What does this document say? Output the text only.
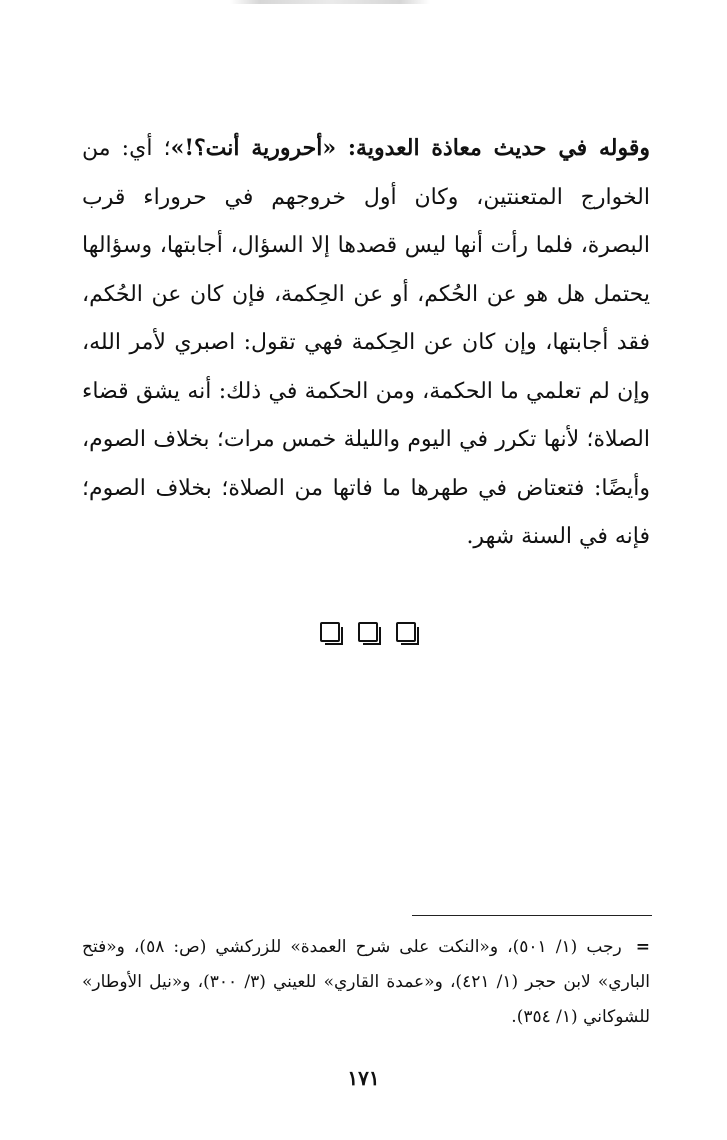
وقوله في حديث معاذة العدوية: «أحرورية أنت؟!»؛ أي: من الخوارج المتعنتين، وكان أول خروجهم في حروراء قرب البصرة، فلما رأت أنها ليس قصدها إلا السؤال، أجابتها، وسؤالها يحتمل هل هو عن الحُكم، أو عن الحِكمة، فإن كان عن الحُكم، فقد أجابتها، وإن كان عن الحِكمة فهي تقول: اصبري لأمر الله، وإن لم تعلمي ما الحكمة، ومن الحكمة في ذلك: أنه يشق قضاء الصلاة؛ لأنها تكرر في اليوم والليلة خمس مرات؛ بخلاف الصوم، وأيضًا: فتعتاض في طهرها ما فاتها من الصلاة؛ بخلاف الصوم؛ فإنه في السنة شهر.

=رجب (١/ ٥٠١)، و«النكت على شرح العمدة» للزركشي (ص: ٥٨)، و«فتح الباري» لابن حجر (١/ ٤٢١)، و«عمدة القاري» للعيني (٣/ ٣٠٠)، و«نيل الأوطار» للشوكاني (١/ ٣٥٤).

١٧١
